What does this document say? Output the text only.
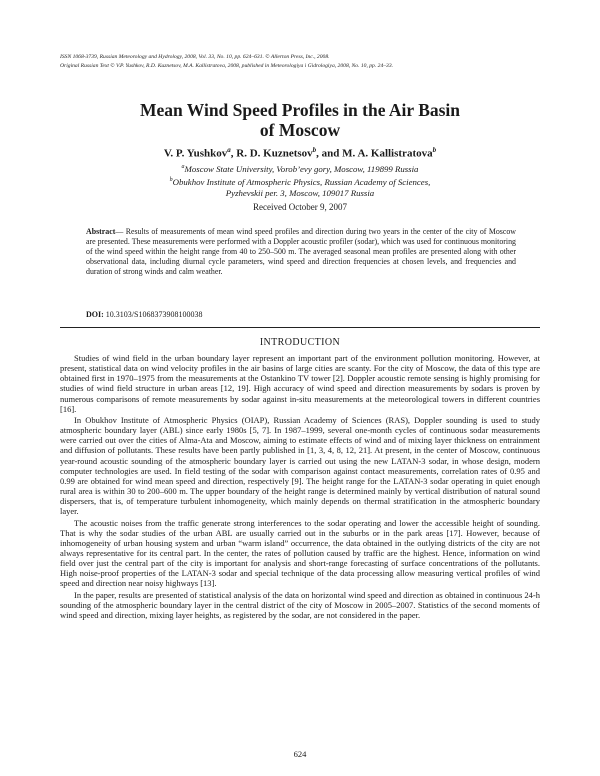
ISSN 1068-3739, Russian Meteorology and Hydrology, 2008, Vol. 33, No. 10, pp. 624–631. © Allerton Press, Inc., 2008.
Original Russian Text © V.P. Yushkov, R.D. Kuznetsov, M.A. Kallistratova, 2008, published in Meteorologiya i Gidrologiya, 2008, No. 10, pp. 24–33.
Mean Wind Speed Profiles in the Air Basin
of Moscow
V. P. Yushkov$^a$, R. D. Kuznetsov$^b$, and M. A. Kallistratova$^b$
$^a$Moscow State University, Vorob’evy gory, Moscow, 119899 Russia
$^b$Obukhov Institute of Atmospheric Physics, Russian Academy of Sciences,
Pyzhevskii per. 3, Moscow, 109017 Russia
Received October 9, 2007
Abstract— Results of measurements of mean wind speed profiles and direction during two years in the center of the city of Moscow are presented. These measurements were performed with a Doppler acoustic profiler (sodar), which was used for continuous monitoring of the wind speed within the height range from 40 to 250–500 m. The averaged seasonal mean profiles are presented along with other observational data, including diurnal cycle parameters, wind speed and direction frequencies at chosen levels, and frequencies and duration of strong winds and calm weather.
DOI: 10.3103/S1068373908100038
INTRODUCTION

Studies of wind field in the urban boundary layer represent an important part of the environment pollution monitoring. However, at present, statistical data on wind velocity profiles in the air basins of large cities are scanty. For the city of Moscow, the data of this type are obtained first in 1970–1975 from the measurements at the Ostankino TV tower [2]. Doppler acoustic remote sensing is highly promising for studies of wind field structure in urban areas [12, 19]. High accuracy of wind speed and direction measurements by sodars is proven by numerous comparisons of remote measurements by sodar against in-situ measurements at the meteorological towers in different countries [16].

In Obukhov Institute of Atmospheric Physics (OIAP), Russian Academy of Sciences (RAS), Doppler sounding is used to study atmospheric boundary layer (ABL) since early 1980s [5, 7]. In 1987–1999, several one-month cycles of continuous sodar measurements were carried out over the cities of Alma-Ata and Moscow, aiming to estimate effects of wind and of mixing layer thickness on entrainment and diffusion of pollutants. These results have been partly published in [1, 3, 4, 8, 12, 21]. At present, in the center of Moscow, continuous year-round acoustic sounding of the atmospheric boundary layer is carried out using the new LATAN-3 sodar, in whose design, modern computer technologies are used. In field testing of the sodar with comparison against contact measurements, correlation rates of 0.95 and 0.99 are obtained for wind mean speed and direction, respectively [9]. The height range for the LATAN-3 sodar operating in quiet enough rural area is within 30 to 200–600 m. The upper boundary of the height range is determined mainly by vertical distribution of natural sound dispersers, that is, of temperature turbulent inhomogeneity, which mainly depends on thermal stratification in the atmospheric boundary layer.

The acoustic noises from the traffic generate strong interferences to the sodar operating and lower the accessible height of sounding. That is why the sodar studies of the urban ABL are usually carried out in the suburbs or in the park areas [17]. However, because of inhomogeneity of urban housing system and urban “warm island” occurrence, the data obtained in the outlying districts of the city are not always representative for its central part. In the center, the rates of pollution caused by traffic are the highest. Hence, information on wind field over just the central part of the city is important for analysis and short-range forecasting of surface concentrations of the pollutants. High noise-proof properties of the LATAN-3 sodar and special technique of the data processing allow measuring vertical profiles of wind speed and direction near noisy highways [13].

In the paper, results are presented of statistical analysis of the data on horizontal wind speed and direction as obtained in continuous 24-h sounding of the atmospheric boundary layer in the central district of the city of Moscow in 2005–2007. Statistics of the second moments of wind speed and direction, mixing layer heights, as registered by the sodar, are not considered in the paper.

624
